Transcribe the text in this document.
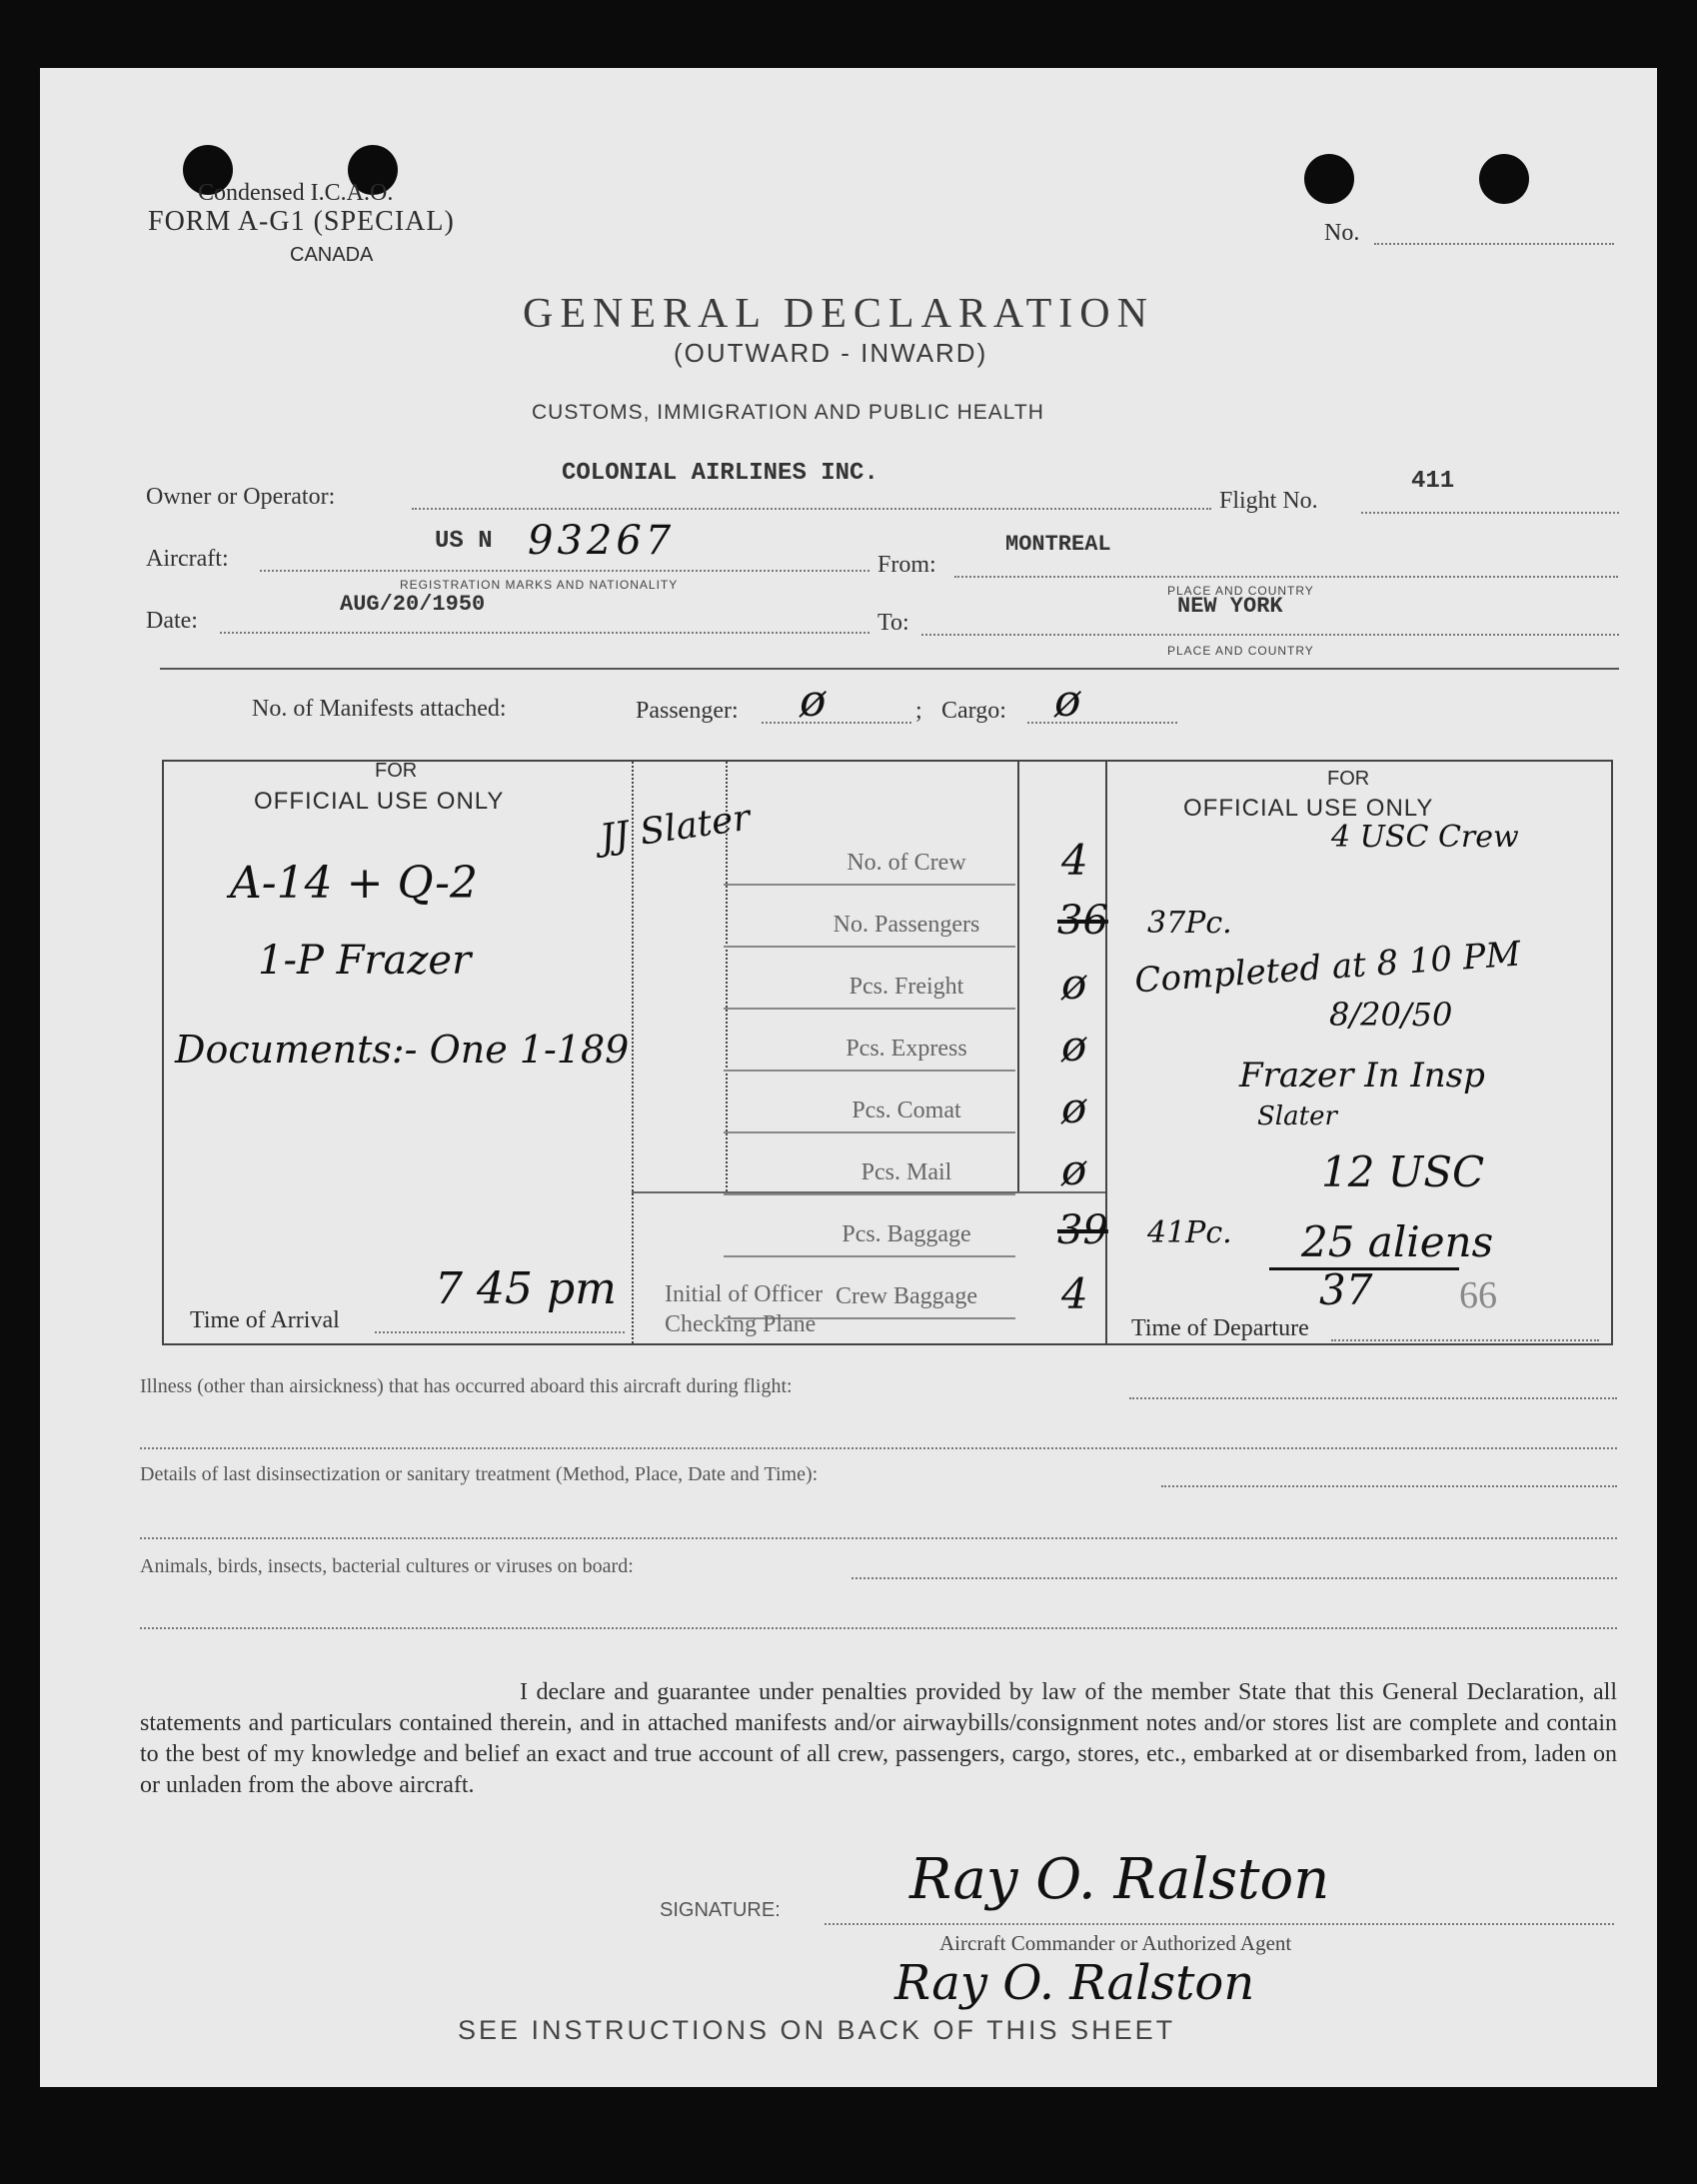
Condensed I.C.A.O.
FORM A-G1 (SPECIAL)
CANADA
No.
GENERAL DECLARATION
(OUTWARD - INWARD)
CUSTOMS, IMMIGRATION AND PUBLIC HEALTH
Owner or Operator:
COLONIAL AIRLINES INC.
Flight No.
411
Aircraft:
US N 93267
REGISTRATION MARKS AND NATIONALITY
From:
MONTREAL
PLACE AND COUNTRY
Date:
AUG/20/1950
To:
NEW YORK
PLACE AND COUNTRY
No. of Manifests attached:	Passenger: ø	; Cargo: ø
FOR
OFFICIAL USE ONLY
FOR
OFFICIAL USE ONLY
No. of Crew	4
No. Passengers	36 37Pc.
Pcs. Freight	ø
Pcs. Express	ø
Pcs. Comat	ø
Pcs. Mail	ø
Pcs. Baggage	39 41Pc.
Crew Baggage	4
Time of Arrival
7 45 pm Initial of Officer
Checking Plane	Time of Departure
A-14 + Q-2
1-P Frazer
Documents:- One 1-189
JJ Slater	4 USC Crew
Completed at 8 10 PM
8/20/50
Frazer In Insp
Slater
12 USC
25 aliens
37 66
Illness (other than airsickness) that has occurred aboard this aircraft during flight:
Details of last disinsectization or sanitary treatment (Method, Place, Date and Time):
Animals, birds, insects, bacterial cultures or viruses on board:
I declare and guarantee under penalties provided by law of the member State that this General Declaration, all statements and particulars contained therein, and in attached manifests and/or airwaybills/consignment notes and/or stores list are complete and contain to the best of my knowledge and belief an exact and true account of all crew, passengers, cargo, stores, etc., embarked at or disembarked from, laden on or unladen from the above aircraft.
SIGNATURE: Ray O. Ralston
Aircraft Commander or Authorized Agent
Ray O. Ralston
SEE INSTRUCTIONS ON BACK OF THIS SHEET
